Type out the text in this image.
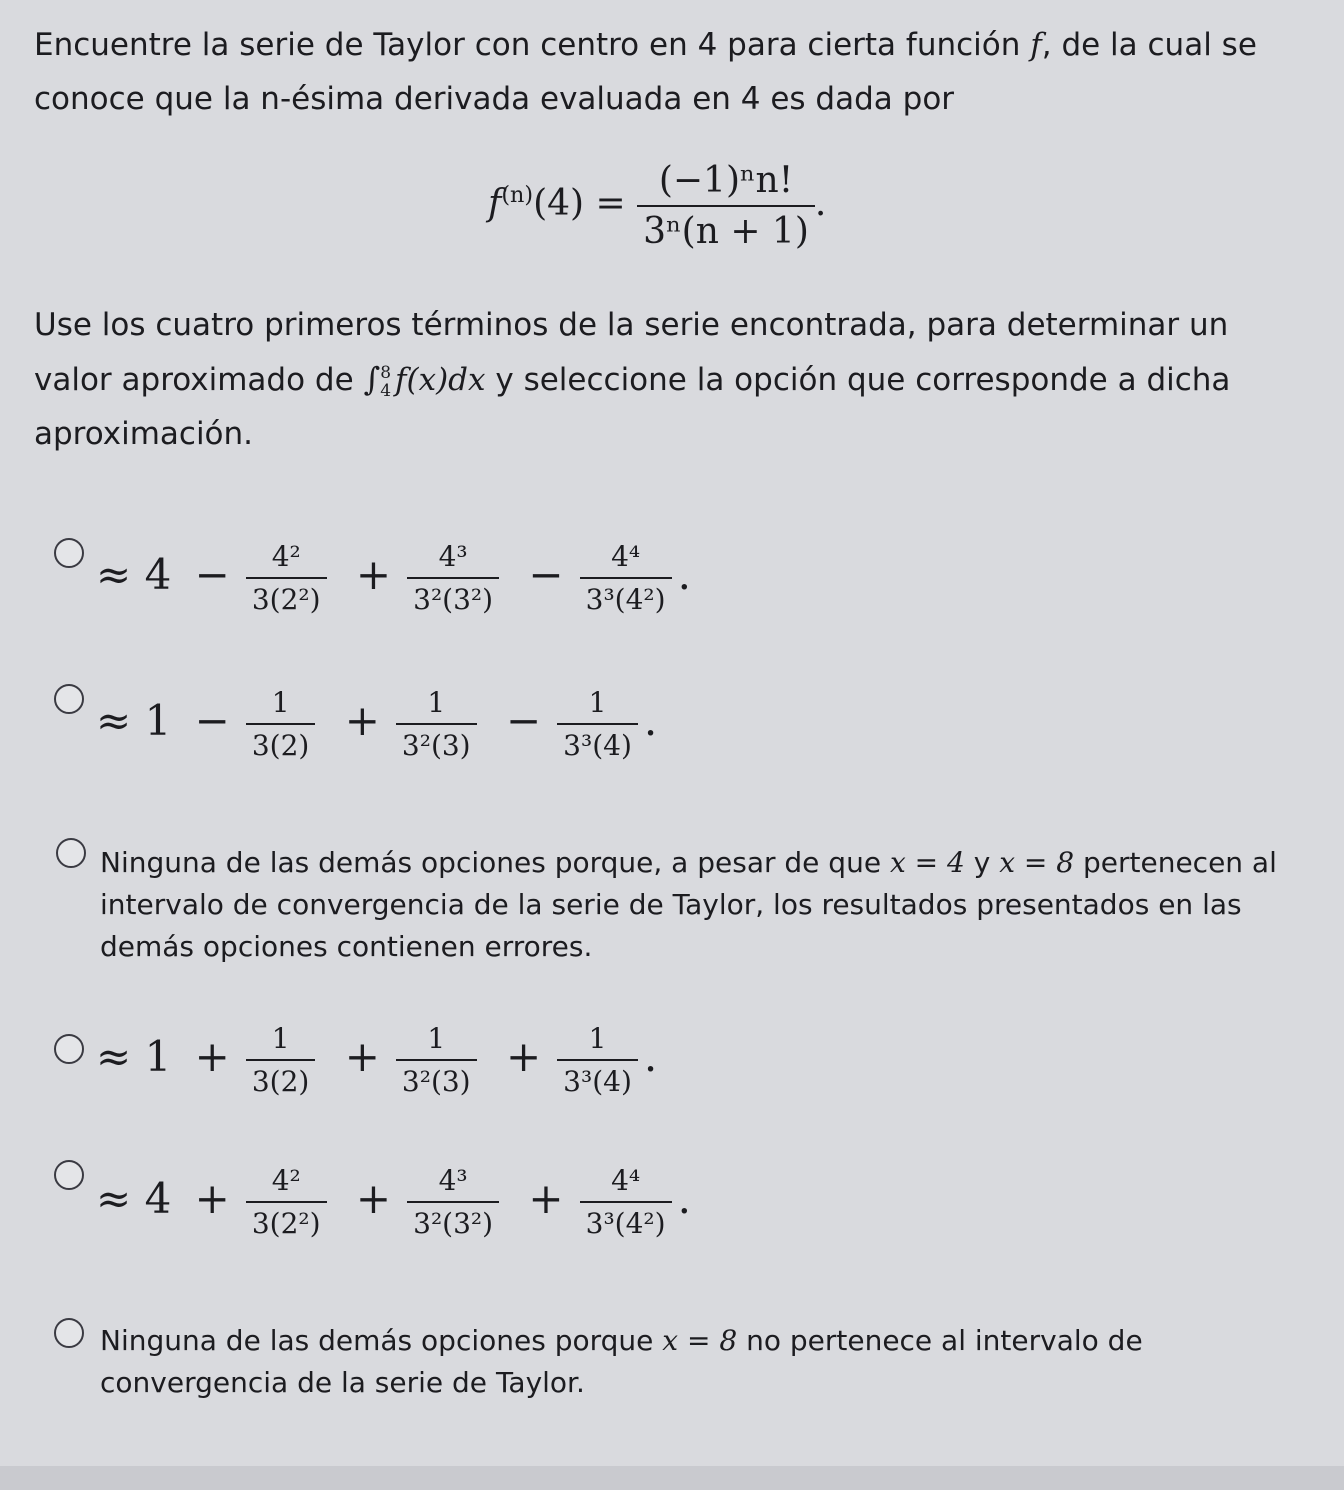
Encuentre la serie de Taylor con centro en 4 para cierta función f, de la cual se conoce que la n-ésima derivada evaluada en 4 es dada por
$f^{(n)}(4) = \frac{\text{(−1)ⁿn!}}{\text{3ⁿ(n + 1)}}$ .
Use los cuatro primeros términos de la serie encontrada, para determinar un valor aproximado de ∫ 8
4 f(x)dx y seleccione la opción que corresponde a dicha aproximación.
≈ $4 - \frac{\text{4²}}{\text{3(2²)}} + \frac{\text{4³}}{\text{3²(3²)}} - \frac{\text{4⁴}}{\text{3³(4²)}}$ .
≈ $1 - \frac{1}{3(2)} + \frac{1}{\text{3²(3)}} - \frac{1}{\text{3³(4)}}$ .
Ninguna de las demás opciones porque, a pesar de que x = 4 y x = 8 pertenecen al intervalo de convergencia de la serie de Taylor, los resultados presentados en las demás opciones contienen errores.
≈ $1 + \frac{1}{3(2)} + \frac{1}{\text{3²(3)}} + \frac{1}{\text{3³(4)}}$ .
≈ $4 + \frac{\text{4²}}{\text{3(2²)}} + \frac{\text{4³}}{\text{3²(3²)}} + \frac{\text{4⁴}}{\text{3³(4²)}}$ .
Ninguna de las demás opciones porque x = 8 no pertenece al intervalo de convergencia de la serie de Taylor.
